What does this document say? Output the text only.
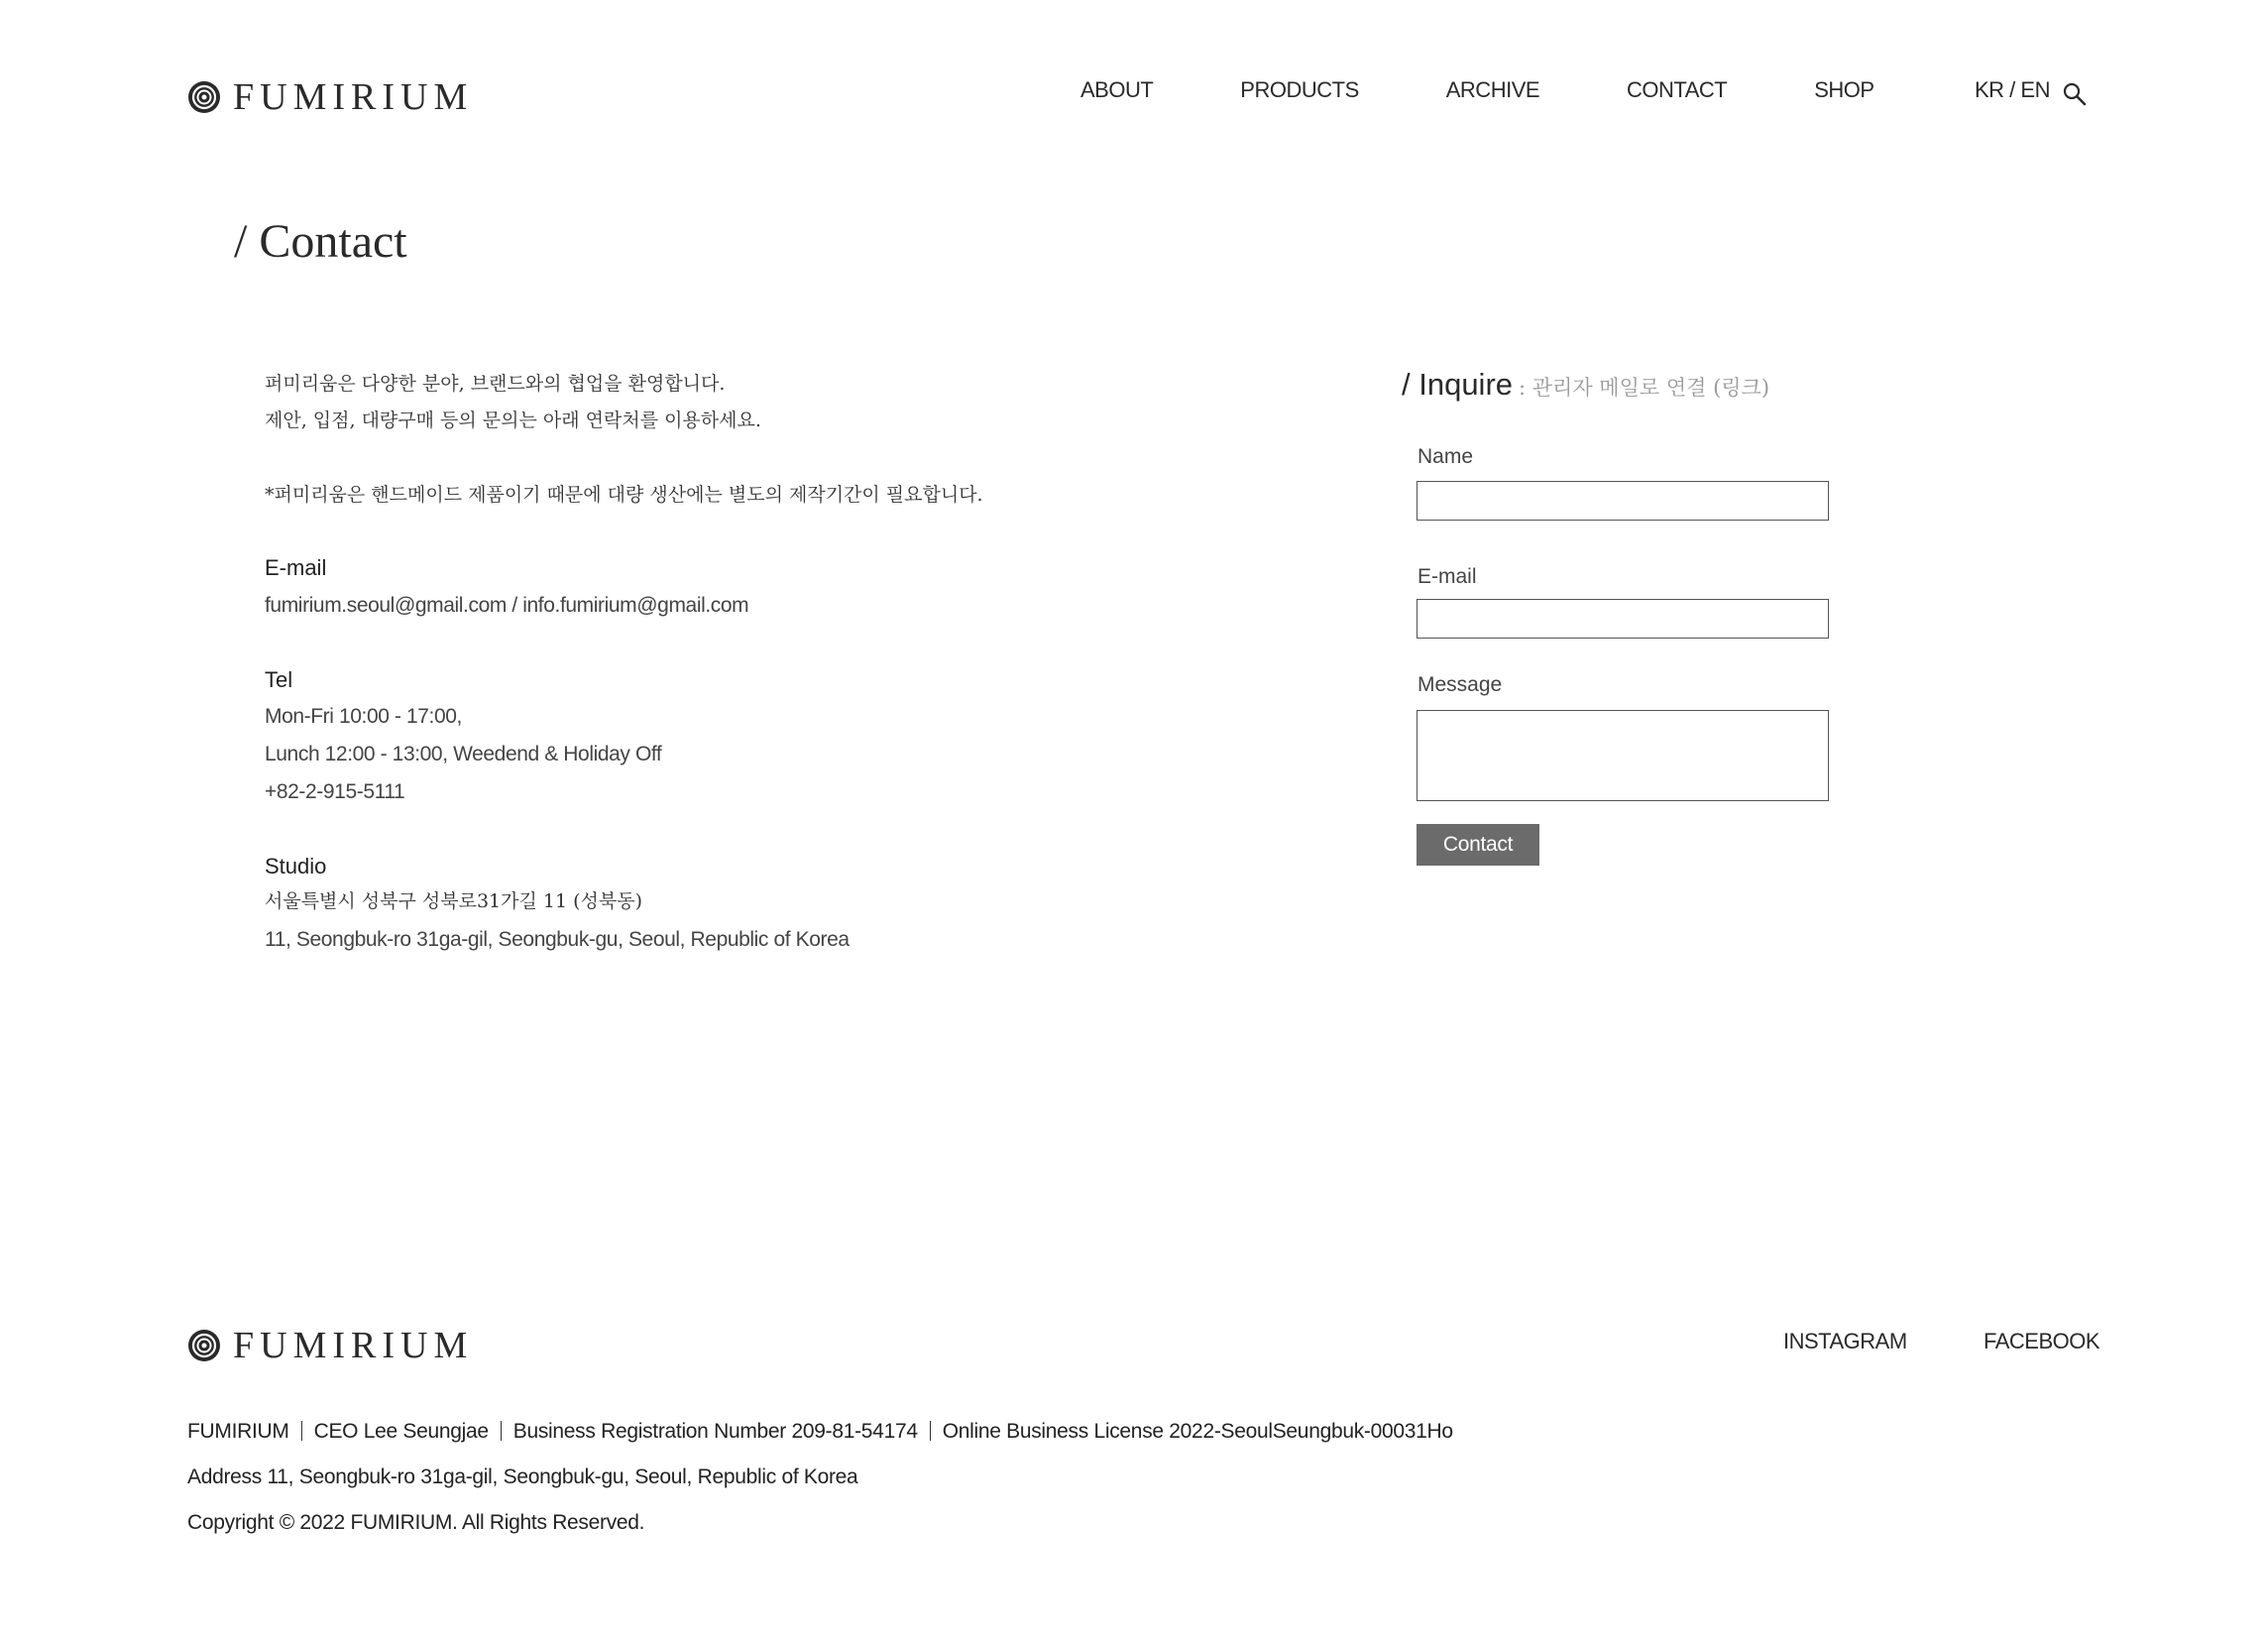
FUMIRIUM	ABOUT	PRODUCTS	ARCHIVE	CONTACT	SHOP	KR / EN
/ Contact
퍼미리움은 다양한 분야, 브랜드와의 협업을 환영합니다.
제안, 입점, 대량구매 등의 문의는 아래 연락처를 이용하세요.
*퍼미리움은 핸드메이드 제품이기 때문에 대량 생산에는 별도의 제작기간이 필요합니다.
E-mail
fumirium.seoul@gmail.com / info.fumirium@gmail.com
Tel
Mon-Fri 10:00 - 17:00,
Lunch 12:00 - 13:00, Weedend & Holiday Off
+82-2-915-5111
Studio
서울특별시 성북구 성북로31가길 11 (성북동)
11, Seongbuk-ro 31ga-gil, Seongbuk-gu, Seoul, Republic of Korea
/ Inquire : 관리자 메일로 연결 (링크)
Name
E-mail
Message
Contact
FUMIRIUM	INSTAGRAM	FACEBOOK
FUMIRIUM CEO Lee Seungjae Business Registration Number 209-81-54174 Online Business License 2022-SeoulSeungbuk-00031Ho
Address 11, Seongbuk-ro 31ga-gil, Seongbuk-gu, Seoul, Republic of Korea
Copyright © 2022 FUMIRIUM. All Rights Reserved.
